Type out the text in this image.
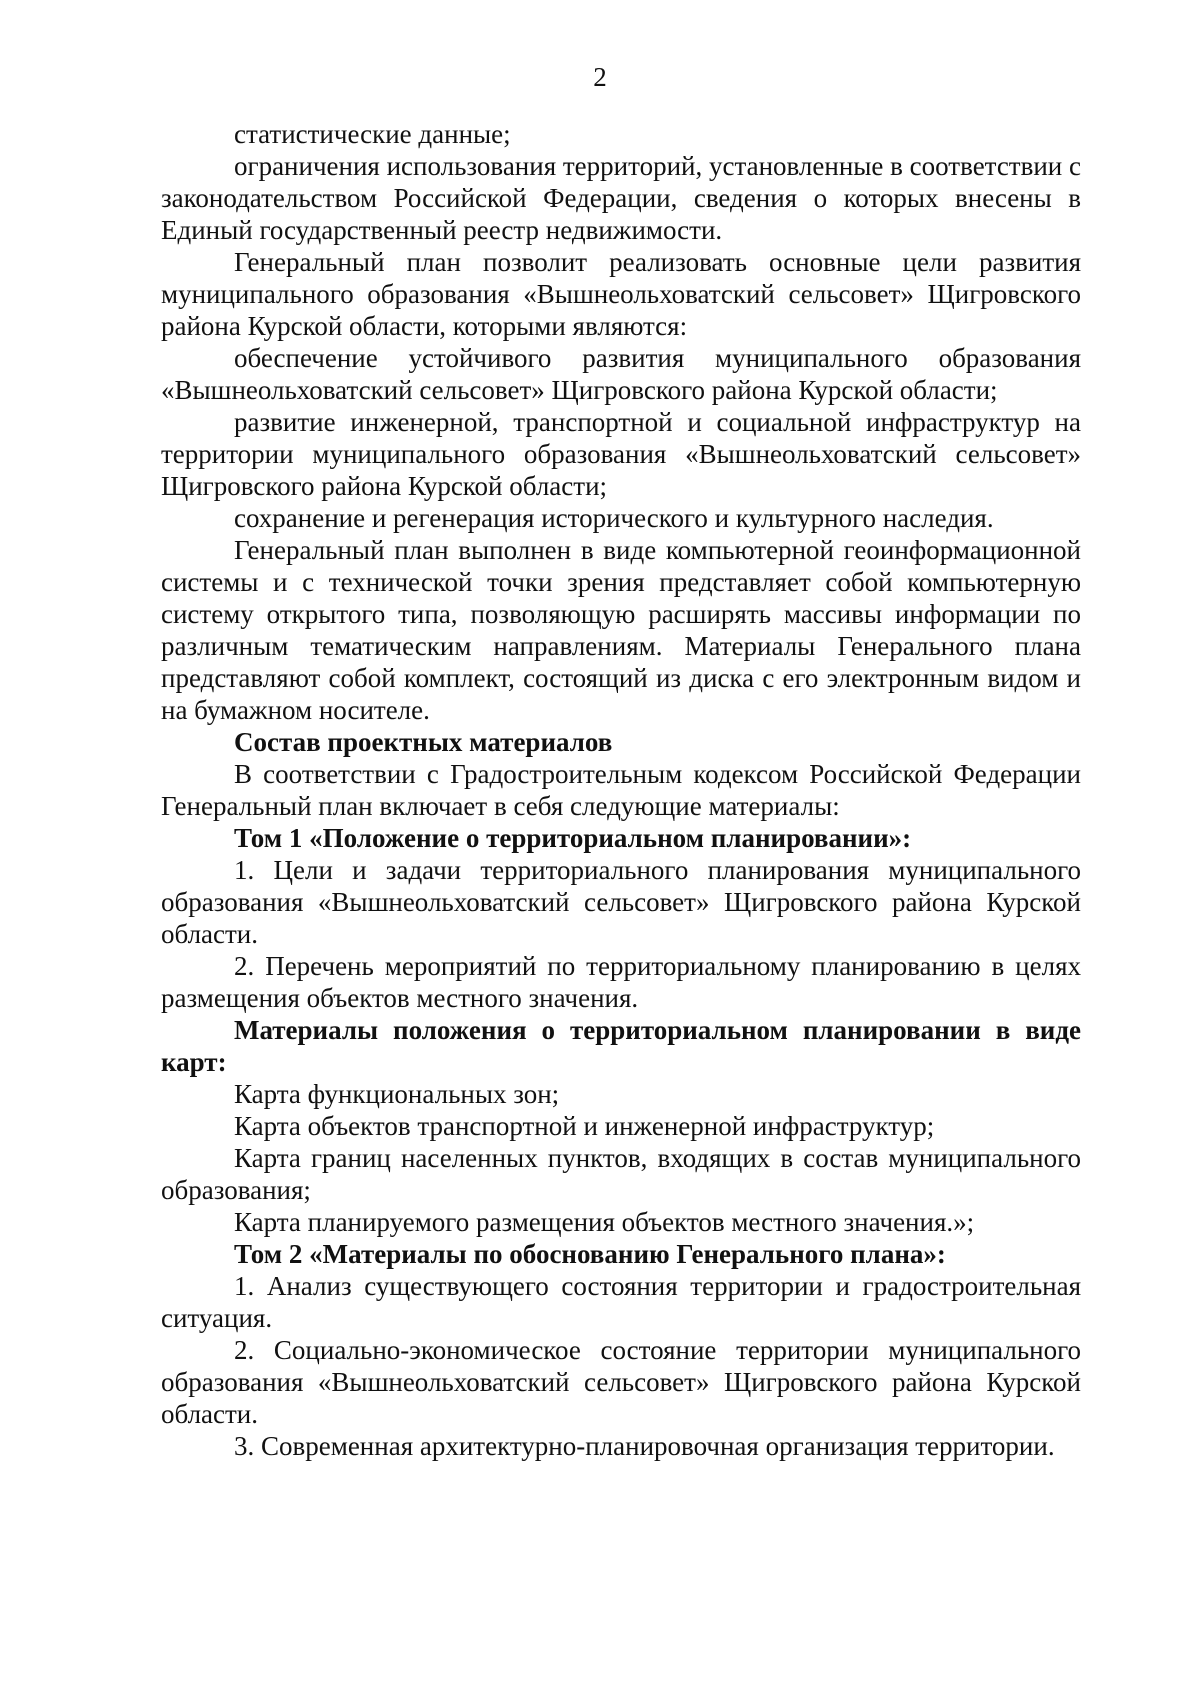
2

статистические данные;

ограничения использования территорий, установленные в соответствии с законодательством Российской Федерации, сведения о которых внесены в Единый государственный реестр недвижимости.

Генеральный план позволит реализовать основные цели развития муниципального образования «Вышнеольховатский сельсовет» Щигровского района Курской области, которыми являются:

обеспечение устойчивого развития муниципального образования «Вышнеольховатский сельсовет» Щигровского района Курской области;

развитие инженерной, транспортной и социальной инфраструктур на территории муниципального образования «Вышнеольховатский сельсовет» Щигровского района Курской области;

сохранение и регенерация исторического и культурного наследия.

Генеральный план выполнен в виде компьютерной геоинформационной системы и с технической точки зрения представляет собой компьютерную систему открытого типа, позволяющую расширять массивы информации по различным тематическим направлениям. Материалы Генерального плана представляют собой комплект, состоящий из диска с его электронным видом и на бумажном носителе.

Состав проектных материалов

В соответствии с Градостроительным кодексом Российской Федерации Генеральный план включает в себя следующие материалы:

Том 1 «Положение о территориальном планировании»:

1. Цели и задачи территориального планирования муниципального образования «Вышнеольховатский сельсовет» Щигровского района Курской области.

2. Перечень мероприятий по территориальному планированию в целях размещения объектов местного значения.

Материалы положения о территориальном планировании в виде карт:

Карта функциональных зон;

Карта объектов транспортной и инженерной инфраструктур;

Карта границ населенных пунктов, входящих в состав муниципального образования;

Карта планируемого размещения объектов местного значения.»;

Том 2 «Материалы по обоснованию Генерального плана»:

1. Анализ существующего состояния территории и градостроительная ситуация.

2. Социально-экономическое состояние территории муниципального образования «Вышнеольховатский сельсовет» Щигровского района Курской области.

3. Современная архитектурно-планировочная организация территории.
